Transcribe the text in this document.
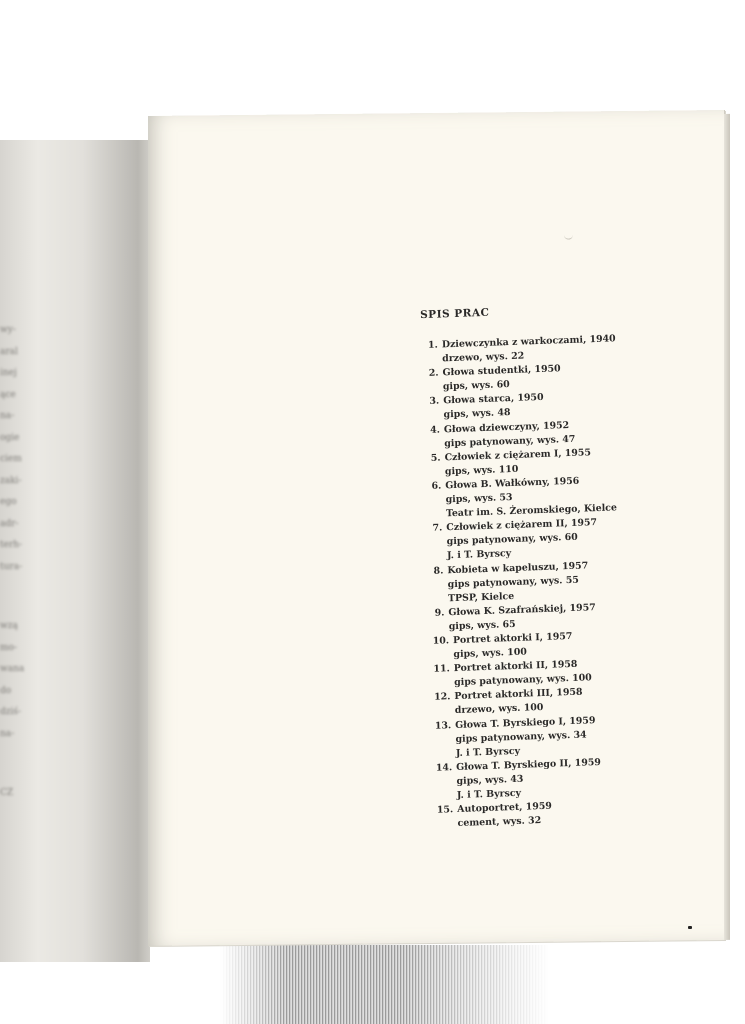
wy-
aral
inej
ące
na-
ogie
ciem
zaki-
ego
adr-
terh-
tura-
wzą
mo-
wana
do
dziś-
na-
CZ
SPIS PRAC
1. Dziewczynka z warkoczami, 1940
drzewo, wys. 22
2. Głowa studentki, 1950
gips, wys. 60
3. Głowa starca, 1950
gips, wys. 48
4. Głowa dziewczyny, 1952
gips patynowany, wys. 47
5. Człowiek z ciężarem I, 1955
gips, wys. 110
6. Głowa B. Wałkówny, 1956
gips, wys. 53
Teatr im. S. Żeromskiego, Kielce
7. Człowiek z ciężarem II, 1957
gips patynowany, wys. 60
J. i T. Byrscy
8. Kobieta w kapeluszu, 1957
gips patynowany, wys. 55
TPSP, Kielce
9. Głowa K. Szafrańskiej, 1957
gips, wys. 65
10. Portret aktorki I, 1957
gips, wys. 100
11. Portret aktorki II, 1958
gips patynowany, wys. 100
12. Portret aktorki III, 1958
drzewo, wys. 100
13. Głowa T. Byrskiego I, 1959
gips patynowany, wys. 34
J. i T. Byrscy
14. Głowa T. Byrskiego II, 1959
gips, wys. 43
J. i T. Byrscy
15. Autoportret, 1959
cement, wys. 32
